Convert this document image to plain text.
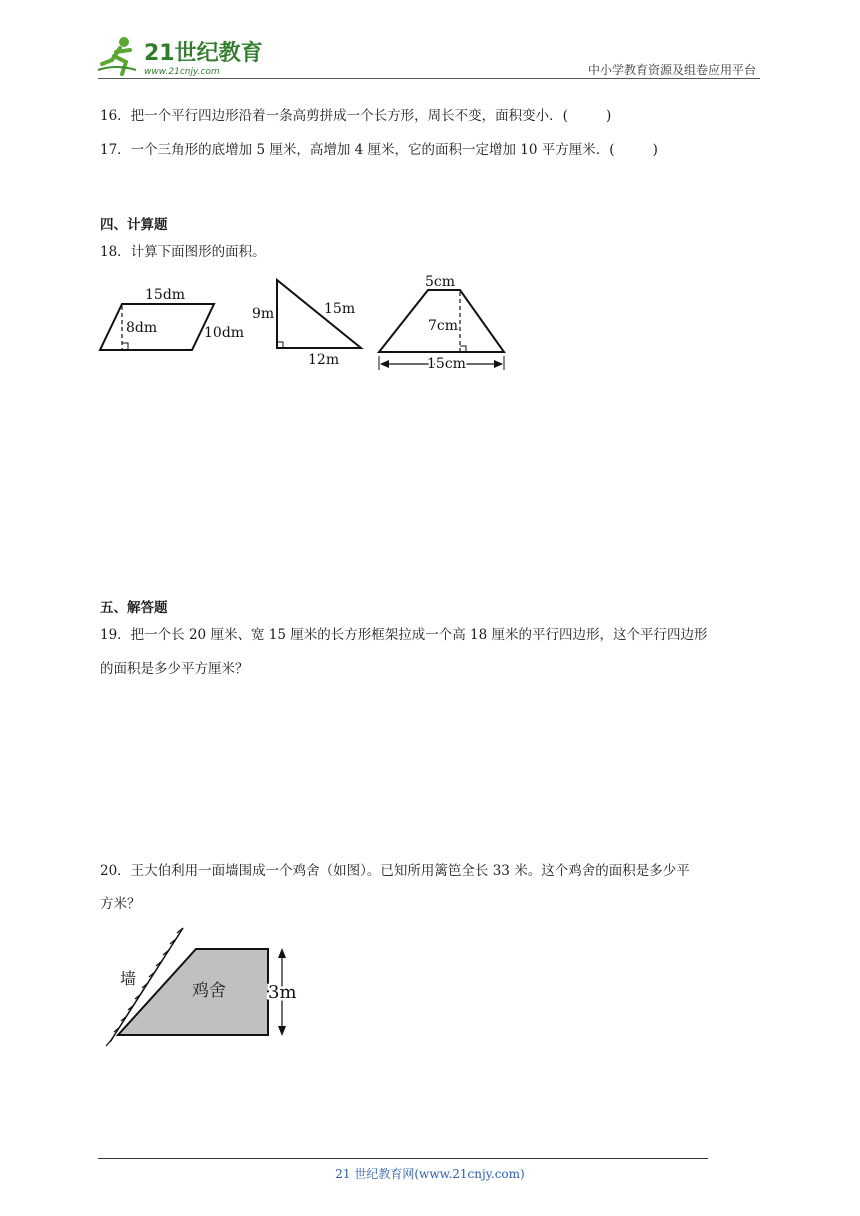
21世纪教育
www.21cnjy.com	中小学教育资源及组卷应用平台
16．把一个平行四边形沿着一条高剪拼成一个长方形，周长不变，面积变小．(	)
17．一个三角形的底增加 5 厘米，高增加 4 厘米，它的面积一定增加 10 平方厘米．(	)
四、计算题
18．计算下面图形的面积。
15dm
8dm	10dm
9m	15m
12m
5cm
7cm
15cm
五、解答题
19．把一个长 20 厘米、宽 15 厘米的长方形框架拉成一个高 18 厘米的平行四边形，这个平行四边形
的面积是多少平方厘米？
20．王大伯利用一面墙围成一个鸡舍（如图）。已知所用篱笆全长 33 米。这个鸡舍的面积是多少平
方米？
墙
鸡舍 3m
21 世纪教育网(www.21cnjy.com)
